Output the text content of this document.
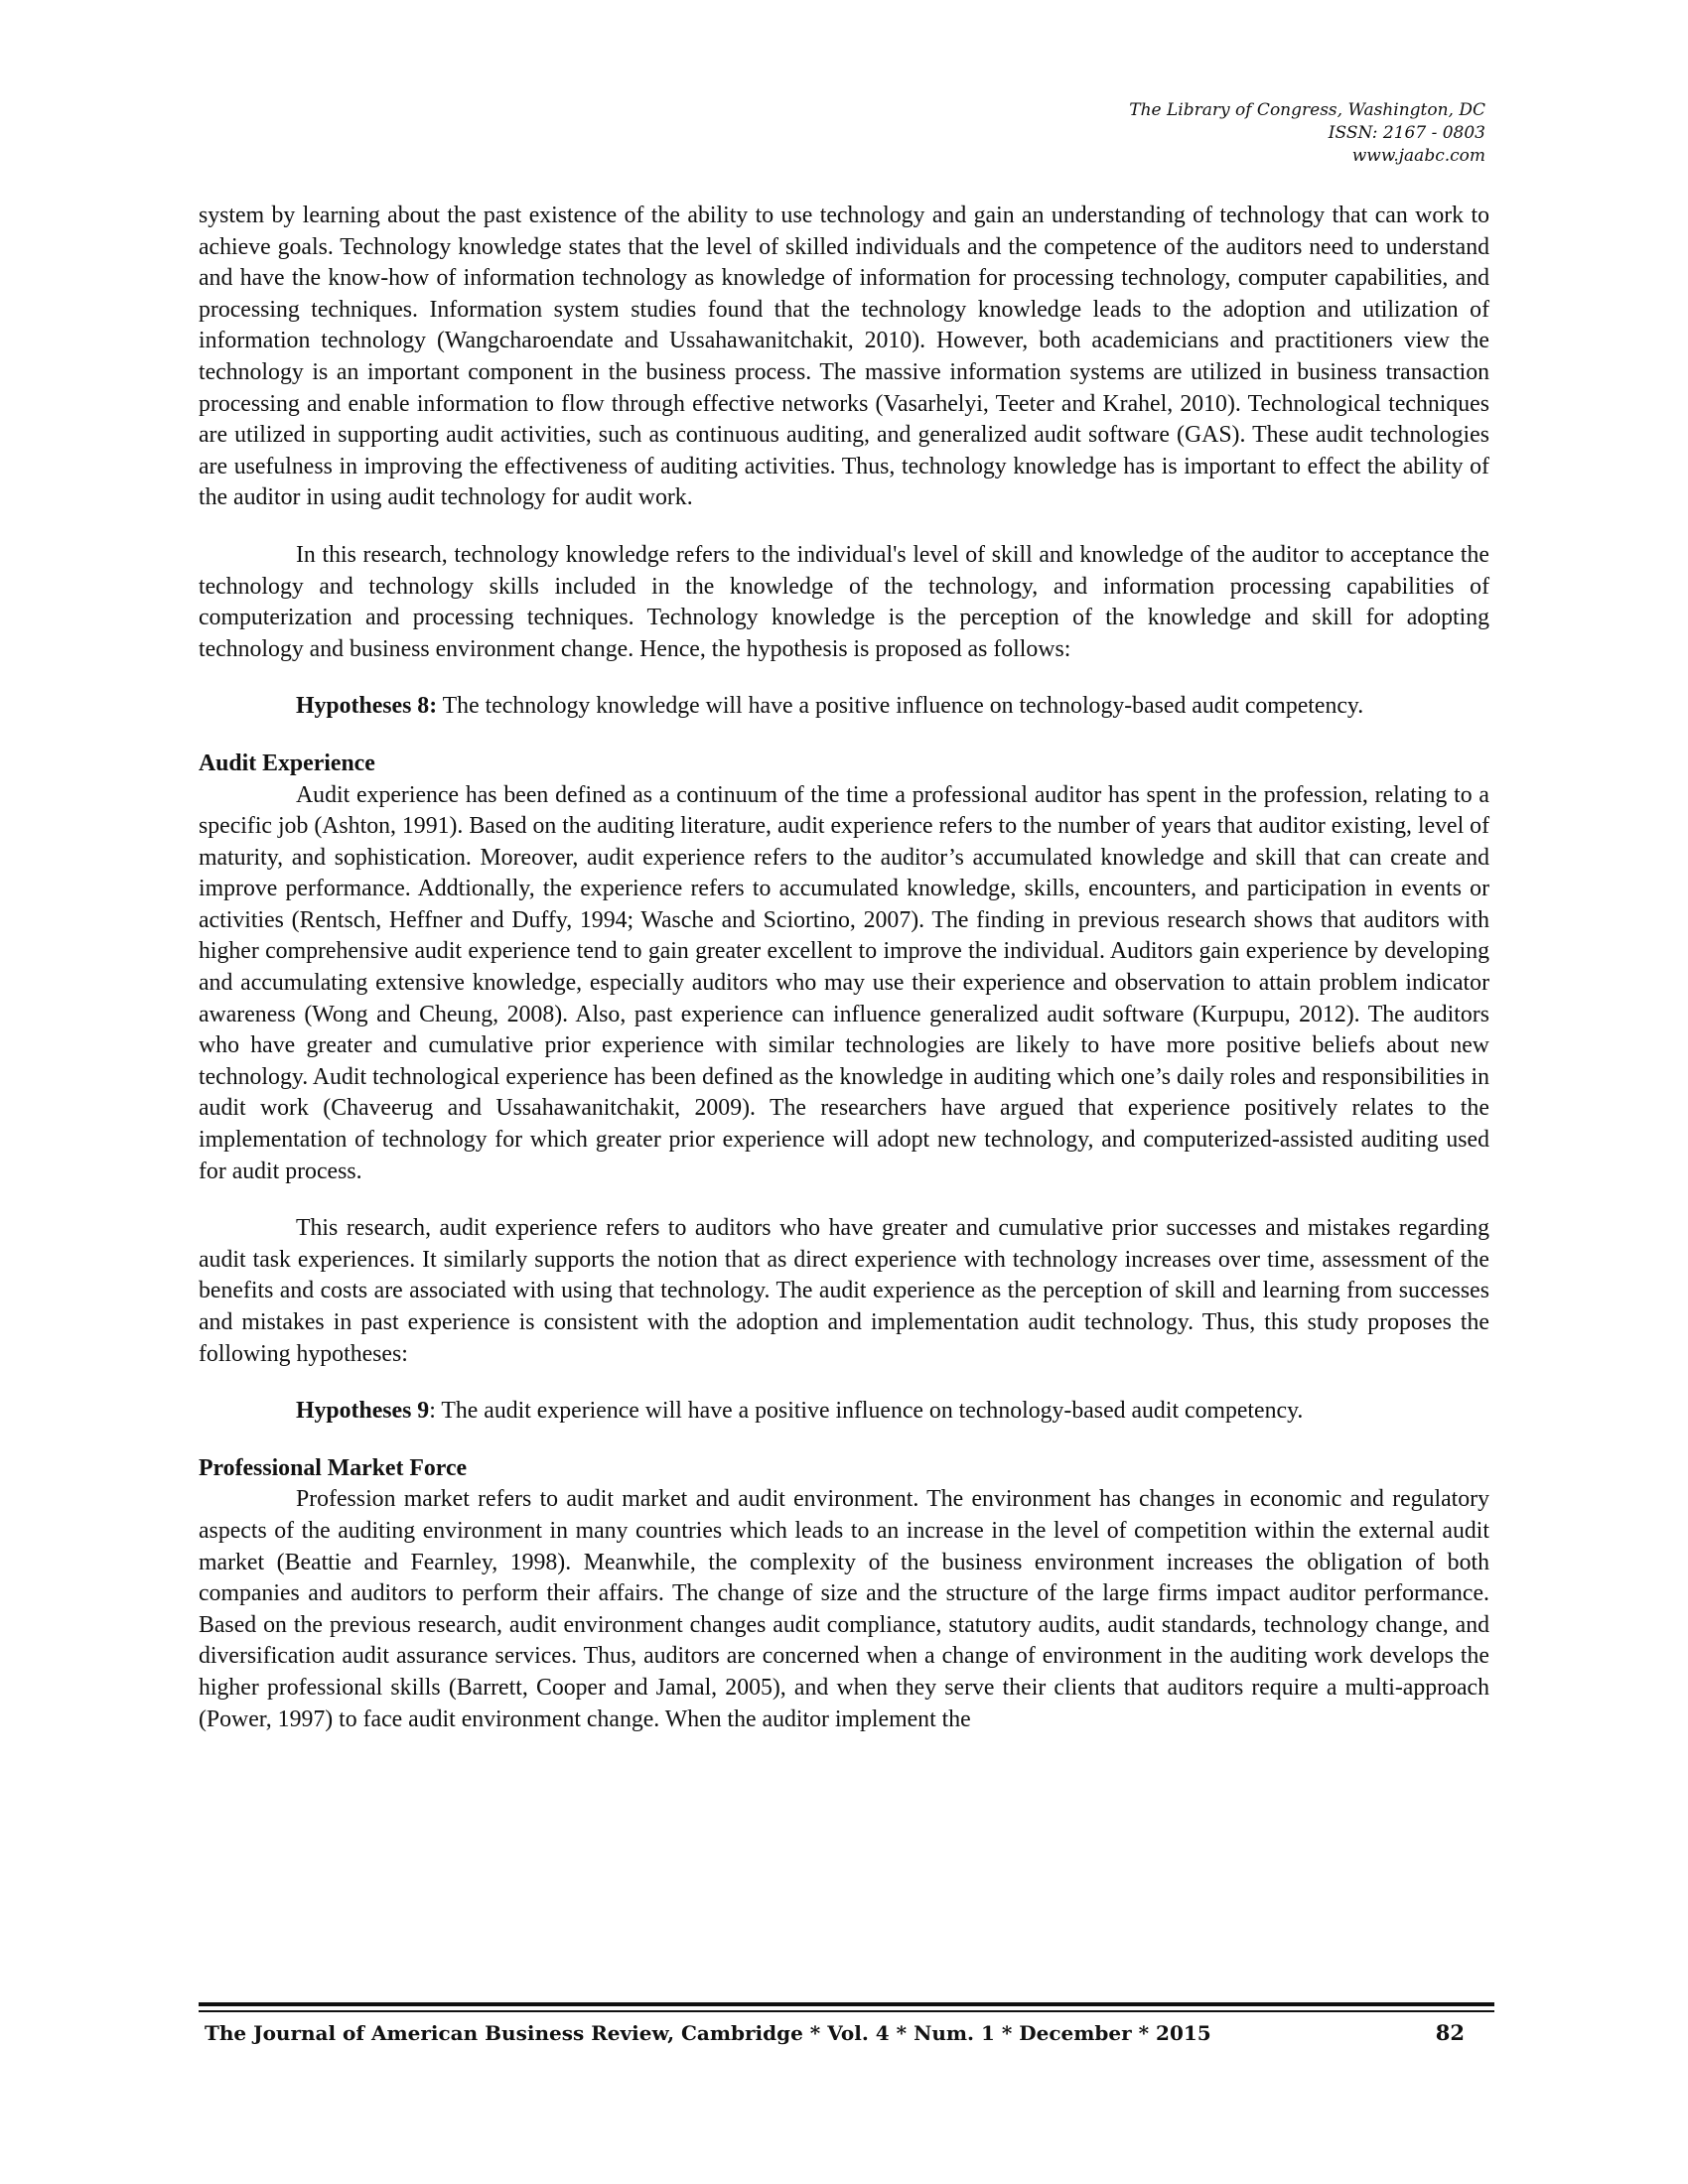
The Library of Congress, Washington, DC
ISSN: 2167 - 0803
www.jaabc.com

system by learning about the past existence of the ability to use technology and gain an understanding of technology that can work to achieve goals. Technology knowledge states that the level of skilled individuals and the competence of the auditors need to understand and have the know-how of information technology as knowledge of information for processing technology, computer capabilities, and processing techniques. Information system studies found that the technology knowledge leads to the adoption and utilization of information technology (Wangcharoendate and Ussahawanitchakit, 2010). However, both academicians and practitioners view the technology is an important component in the business process. The massive information systems are utilized in business transaction processing and enable information to flow through effective networks (Vasarhelyi, Teeter and Krahel, 2010). Technological techniques are utilized in supporting audit activities, such as continuous auditing, and generalized audit software (GAS). These audit technologies are usefulness in improving the effectiveness of auditing activities. Thus, technology knowledge has is important to effect the ability of the auditor in using audit technology for audit work.

In this research, technology knowledge refers to the individual's level of skill and knowledge of the auditor to acceptance the technology and technology skills included in the knowledge of the technology, and information processing capabilities of computerization and processing techniques. Technology knowledge is the perception of the knowledge and skill for adopting technology and business environment change. Hence, the hypothesis is proposed as follows:

Hypotheses 8: The technology knowledge will have a positive influence on technology-based audit competency.

Audit Experience

Audit experience has been defined as a continuum of the time a professional auditor has spent in the profession, relating to a specific job (Ashton, 1991). Based on the auditing literature, audit experience refers to the number of years that auditor existing, level of maturity, and sophistication. Moreover, audit experience refers to the auditor’s accumulated knowledge and skill that can create and improve performance. Addtionally, the experience refers to accumulated knowledge, skills, encounters, and participation in events or activities (Rentsch, Heffner and Duffy, 1994; Wasche and Sciortino, 2007). The finding in previous research shows that auditors with higher comprehensive audit experience tend to gain greater excellent to improve the individual. Auditors gain experience by developing and accumulating extensive knowledge, especially auditors who may use their experience and observation to attain problem indicator awareness (Wong and Cheung, 2008). Also, past experience can influence generalized audit software (Kurpupu, 2012). The auditors who have greater and cumulative prior experience with similar technologies are likely to have more positive beliefs about new technology. Audit technological experience has been defined as the knowledge in auditing which one’s daily roles and responsibilities in audit work (Chaveerug and Ussahawanitchakit, 2009). The researchers have argued that experience positively relates to the implementation of technology for which greater prior experience will adopt new technology, and computerized-assisted auditing used for audit process.

This research, audit experience refers to auditors who have greater and cumulative prior successes and mistakes regarding audit task experiences. It similarly supports the notion that as direct experience with technology increases over time, assessment of the benefits and costs are associated with using that technology. The audit experience as the perception of skill and learning from successes and mistakes in past experience is consistent with the adoption and implementation audit technology. Thus, this study proposes the following hypotheses:

Hypotheses 9: The audit experience will have a positive influence on technology-based audit competency.

Professional Market Force

Profession market refers to audit market and audit environment. The environment has changes in economic and regulatory aspects of the auditing environment in many countries which leads to an increase in the level of competition within the external audit market (Beattie and Fearnley, 1998). Meanwhile, the complexity of the business environment increases the obligation of both companies and auditors to perform their affairs. The change of size and the structure of the large firms impact auditor performance. Based on the previous research, audit environment changes audit compliance, statutory audits, audit standards, technology change, and diversification audit assurance services. Thus, auditors are concerned when a change of environment in the auditing work develops the higher professional skills (Barrett, Cooper and Jamal, 2005), and when they serve their clients that auditors require a multi-approach (Power, 1997) to face audit environment change. When the auditor implement the

The Journal of American Business Review, Cambridge * Vol. 4 * Num. 1 * December * 2015	82
